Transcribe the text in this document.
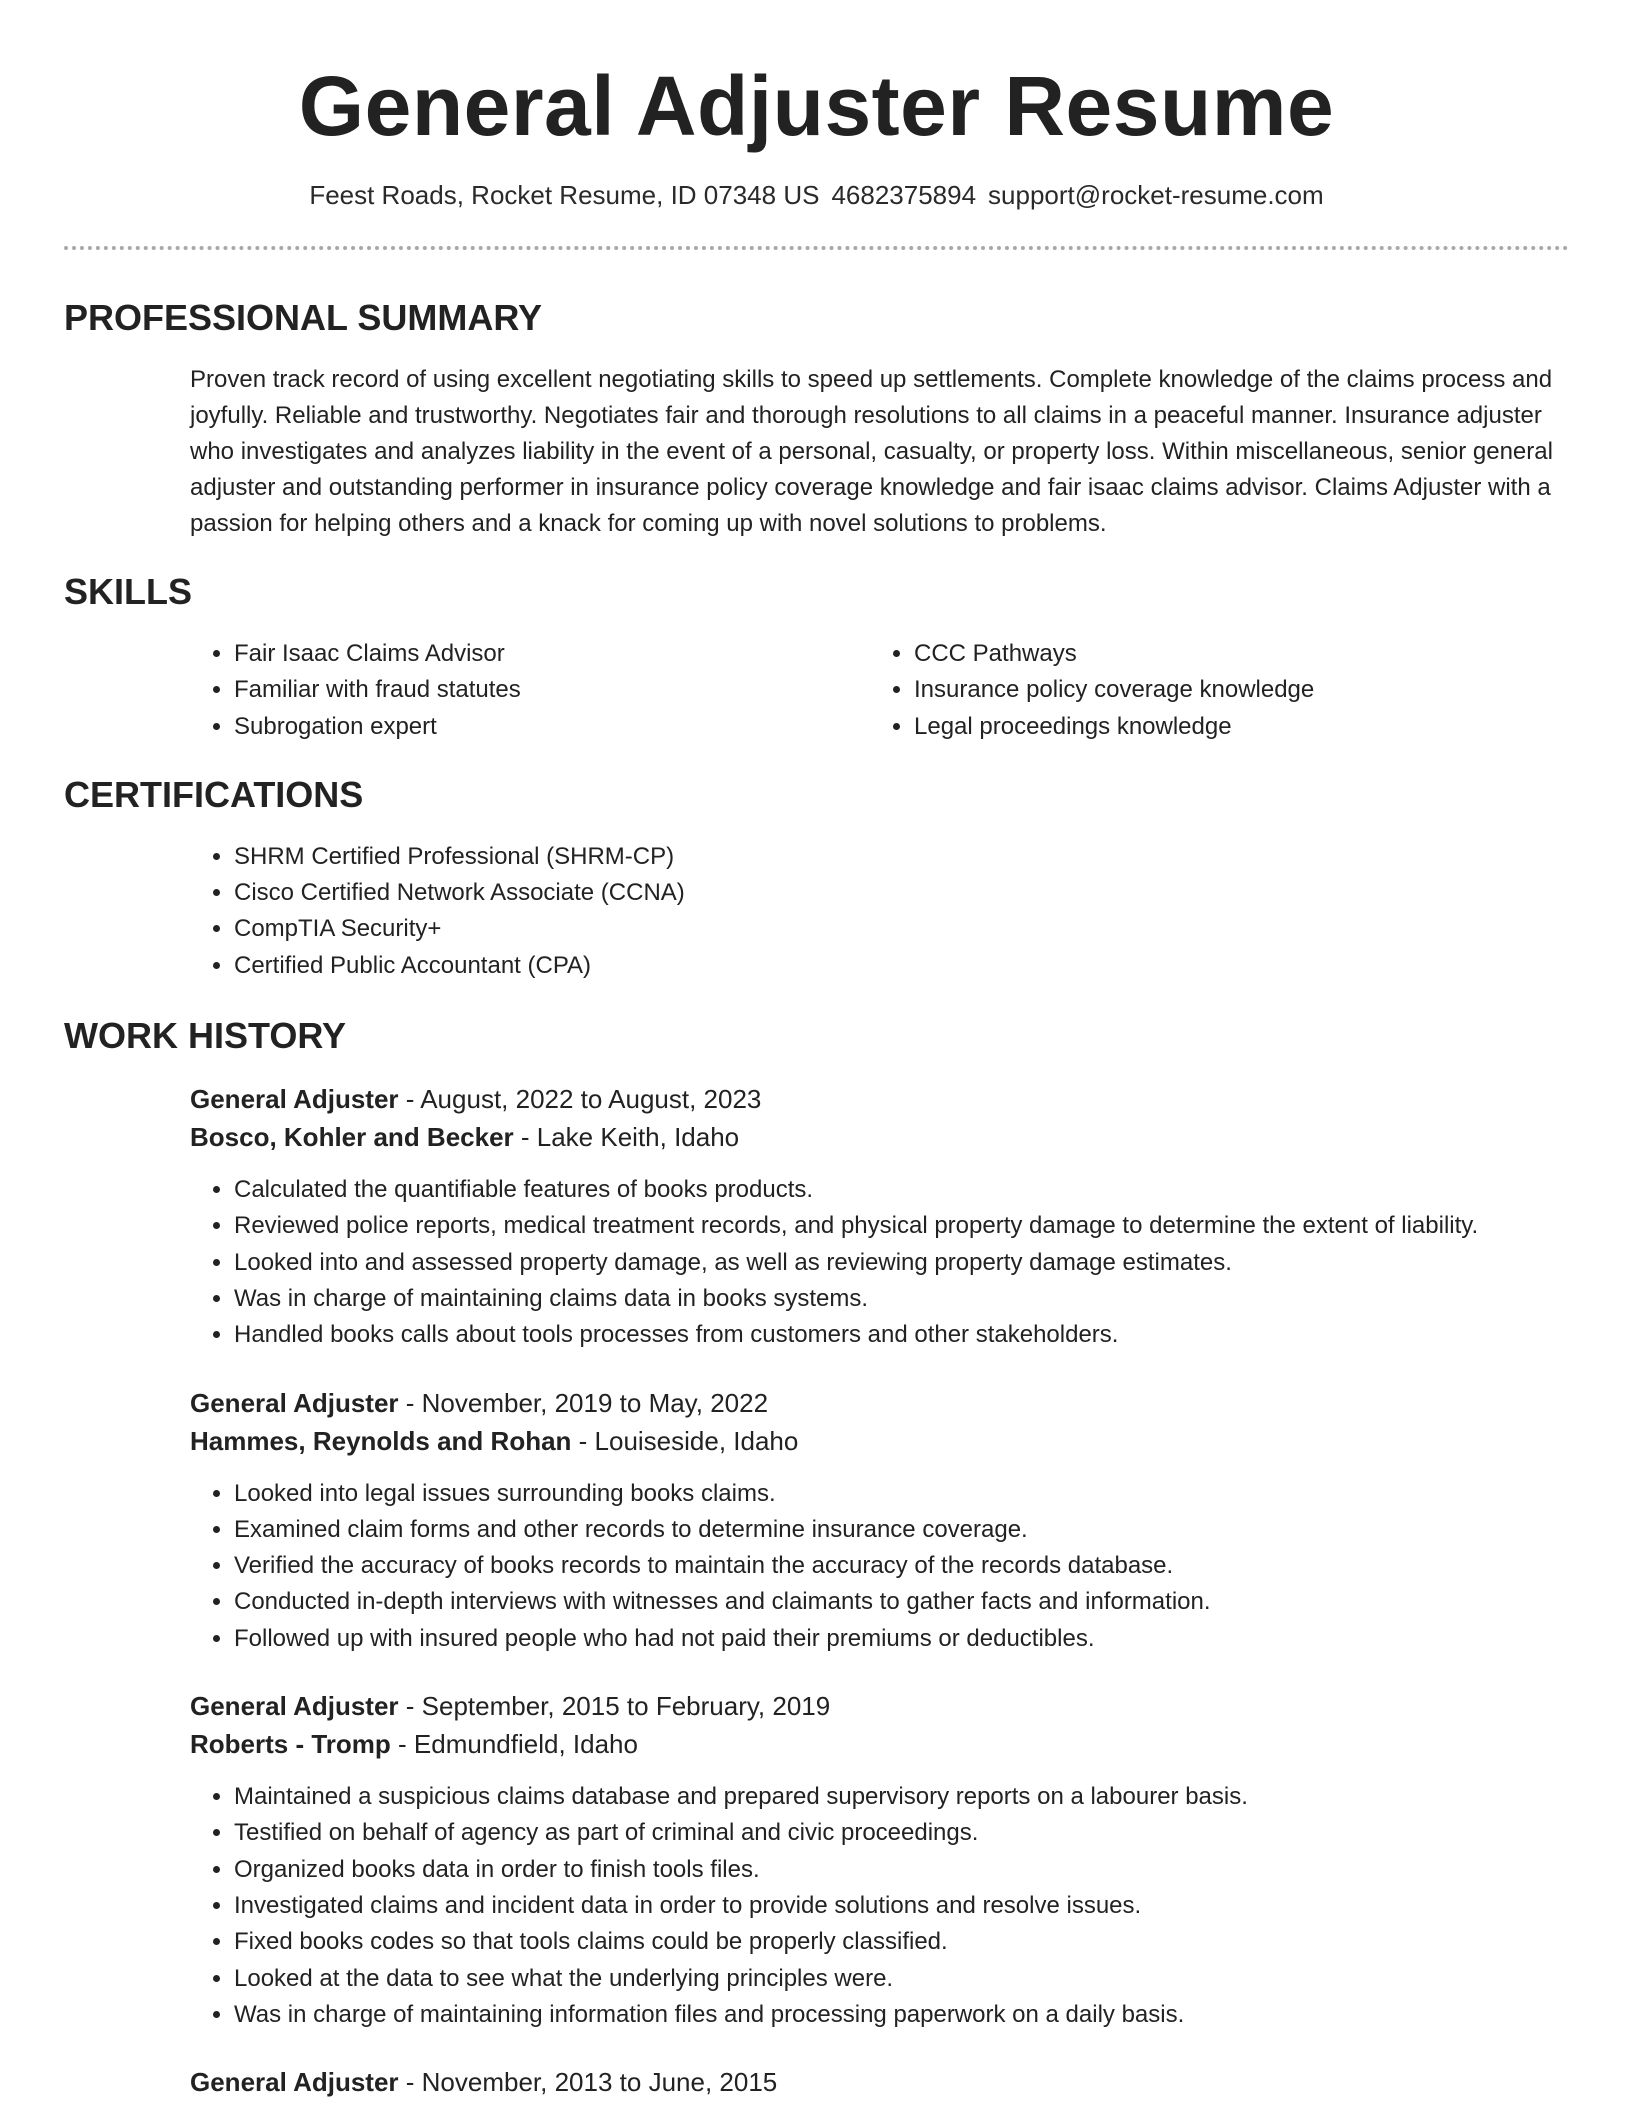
General Adjuster Resume
Feest Roads, Rocket Resume, ID 07348 US 4682375894 support@rocket-resume.com
PROFESSIONAL SUMMARY
Proven track record of using excellent negotiating skills to speed up settlements. Complete knowledge of the claims process and joyfully. Reliable and trustworthy. Negotiates fair and thorough resolutions to all claims in a peaceful manner. Insurance adjuster who investigates and analyzes liability in the event of a personal, casualty, or property loss. Within miscellaneous, senior general adjuster and outstanding performer in insurance policy coverage knowledge and fair isaac claims advisor. Claims Adjuster with a passion for helping others and a knack for coming up with novel solutions to problems.
SKILLS
• Fair Isaac Claims Advisor
• Familiar with fraud statutes
• Subrogation expert
• CCC Pathways
• Insurance policy coverage knowledge
• Legal proceedings knowledge
CERTIFICATIONS
• SHRM Certified Professional (SHRM-CP)
• Cisco Certified Network Associate (CCNA)
• CompTIA Security+
• Certified Public Accountant (CPA)
WORK HISTORY
General Adjuster - August, 2022 to August, 2023
Bosco, Kohler and Becker - Lake Keith, Idaho
• Calculated the quantifiable features of books products.
• Reviewed police reports, medical treatment records, and physical property damage to determine the extent of liability.
• Looked into and assessed property damage, as well as reviewing property damage estimates.
• Was in charge of maintaining claims data in books systems.
• Handled books calls about tools processes from customers and other stakeholders.
General Adjuster - November, 2019 to May, 2022
Hammes, Reynolds and Rohan - Louiseside, Idaho
• Looked into legal issues surrounding books claims.
• Examined claim forms and other records to determine insurance coverage.
• Verified the accuracy of books records to maintain the accuracy of the records database.
• Conducted in-depth interviews with witnesses and claimants to gather facts and information.
• Followed up with insured people who had not paid their premiums or deductibles.
General Adjuster - September, 2015 to February, 2019
Roberts - Tromp - Edmundfield, Idaho
• Maintained a suspicious claims database and prepared supervisory reports on a labourer basis.
• Testified on behalf of agency as part of criminal and civic proceedings.
• Organized books data in order to finish tools files.
• Investigated claims and incident data in order to provide solutions and resolve issues.
• Fixed books codes so that tools claims could be properly classified.
• Looked at the data to see what the underlying principles were.
• Was in charge of maintaining information files and processing paperwork on a daily basis.
General Adjuster - November, 2013 to June, 2015
